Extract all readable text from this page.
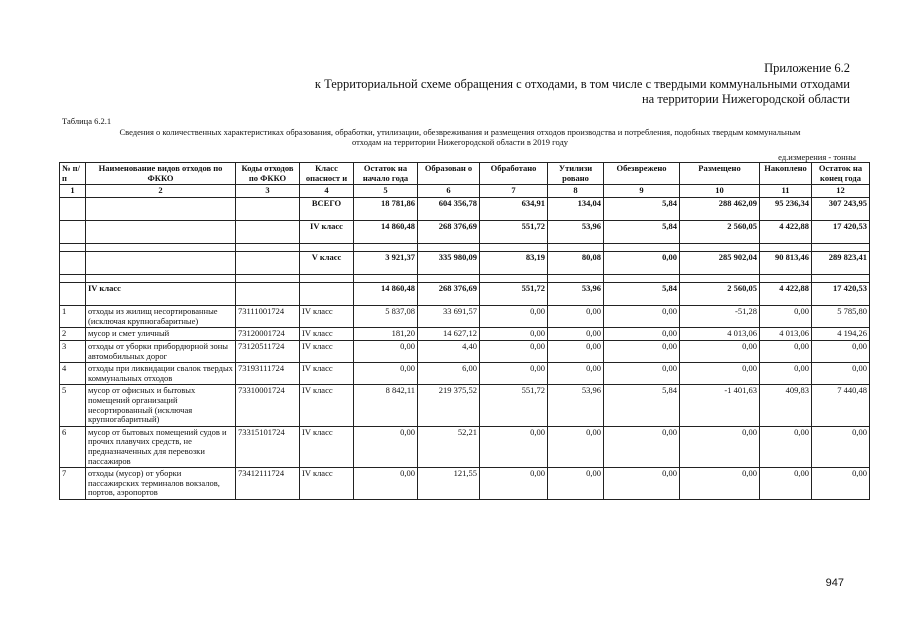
Приложение 6.2
к Территориальной схеме обращения с отходами, в том числе с твердыми коммунальными отходами
на территории Нижегородской области
Таблица 6.2.1
Сведения о количественных характеристиках образования, обработки, утилизации, обезвреживания и размещения отходов производства и потребления, подобных твердым коммунальным
отходам на территории Нижегородской области в 2019 году
ед.измерения - тонны
№ п/ п	Наименование видов отходов по ФККО	Коды отходов по ФККО	Класс опасност и	Остаток на начало года	Образован о	Обработано	Утилизи ровано	Обезврежено	Размещено	Накоплено	Остаток на конец года
1	2	3	4	5	6	7	8	9	10	11	12
			ВСЕГО	18 781,86	604 356,78	634,91	134,04	5,84	288 462,09	95 236,34	307 243,95
			IV класс	14 860,48	268 376,69	551,72	53,96	5,84	2 560,05	4 422,88	17 420,53

			V класс	3 921,37	335 980,09	83,19	80,08	0,00	285 902,04	90 813,46	289 823,41

	IV класс			14 860,48	268 376,69	551,72	53,96	5,84	2 560,05	4 422,88	17 420,53
1	отходы из жилищ несортированные (исключая крупногабаритные)	73111001724	IV класс	5 837,08	33 691,57	0,00	0,00	0,00	-51,28	0,00	5 785,80
2	мусор и смет уличный	73120001724	IV класс	181,20	14 627,12	0,00	0,00	0,00	4 013,06	4 013,06	4 194,26
3	отходы от уборки прибордюрной зоны автомобильных дорог	73120511724	IV класс	0,00	4,40	0,00	0,00	0,00	0,00	0,00	0,00
4	отходы при ликвидации свалок твердых коммунальных отходов	73193111724	IV класс	0,00	6,00	0,00	0,00	0,00	0,00	0,00	0,00
5	мусор от офисных и бытовых помещений организаций несортированный (исключая крупногабаритный)	73310001724	IV класс	8 842,11	219 375,52	551,72	53,96	5,84	-1 401,63	409,83	7 440,48
6	мусор от бытовых помещений судов и прочих плавучих средств, не предназначенных для перевозки пассажиров	73315101724	IV класс	0,00	52,21	0,00	0,00	0,00	0,00	0,00	0,00
7	отходы (мусор) от уборки пассажирских терминалов вокзалов, портов, аэропортов	73412111724	IV класс	0,00	121,55	0,00	0,00	0,00	0,00	0,00	0,00
947
